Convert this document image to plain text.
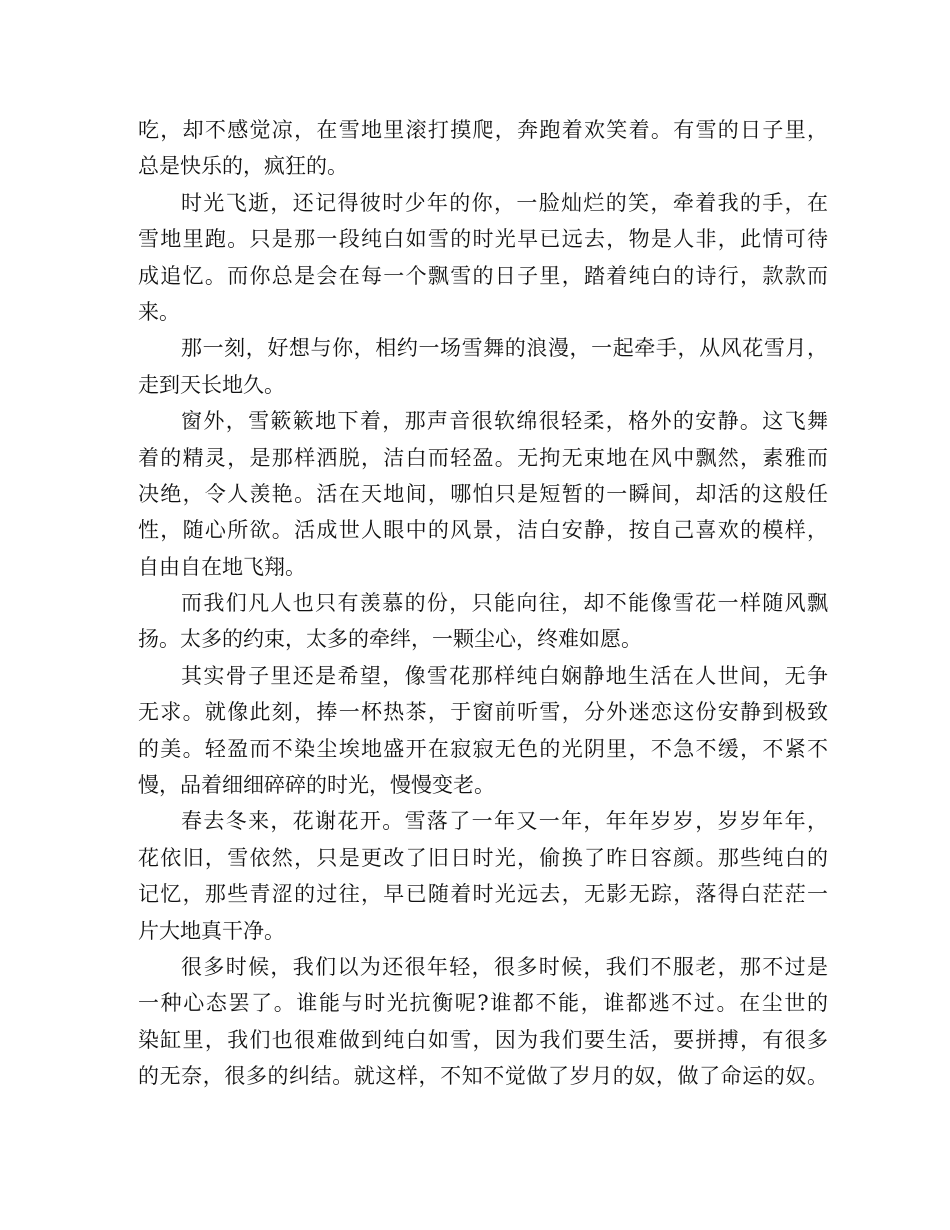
吃，却不感觉凉，在雪地里滚打摸爬，奔跑着欢笑着。有雪的日子里，
总是快乐的，疯狂的。
时光飞逝，还记得彼时少年的你，一脸灿烂的笑，牵着我的手，在
雪地里跑。只是那一段纯白如雪的时光早已远去，物是人非，此情可待
成追忆。而你总是会在每一个飘雪的日子里，踏着纯白的诗行，款款而
来。
那一刻，好想与你，相约一场雪舞的浪漫，一起牵手，从风花雪月，
走到天长地久。
窗外，雪簌簌地下着，那声音很软绵很轻柔，格外的安静。这飞舞
着的精灵，是那样洒脱，洁白而轻盈。无拘无束地在风中飘然，素雅而
决绝，令人羡艳。活在天地间，哪怕只是短暂的一瞬间，却活的这般任
性，随心所欲。活成世人眼中的风景，洁白安静，按自己喜欢的模样，
自由自在地飞翔。
而我们凡人也只有羡慕的份，只能向往，却不能像雪花一样随风飘
扬。太多的约束，太多的牵绊，一颗尘心，终难如愿。
其实骨子里还是希望，像雪花那样纯白娴静地生活在人世间，无争
无求。就像此刻，捧一杯热茶，于窗前听雪，分外迷恋这份安静到极致
的美。轻盈而不染尘埃地盛开在寂寂无色的光阴里，不急不缓，不紧不
慢，品着细细碎碎的时光，慢慢变老。
春去冬来，花谢花开。雪落了一年又一年，年年岁岁，岁岁年年，
花依旧，雪依然，只是更改了旧日时光，偷换了昨日容颜。那些纯白的
记忆，那些青涩的过往，早已随着时光远去，无影无踪，落得白茫茫一
片大地真干净。
很多时候，我们以为还很年轻，很多时候，我们不服老，那不过是
一种心态罢了。谁能与时光抗衡呢?谁都不能，谁都逃不过。在尘世的
染缸里，我们也很难做到纯白如雪，因为我们要生活，要拼搏，有很多
的无奈，很多的纠结。就这样，不知不觉做了岁月的奴，做了命运的奴。
